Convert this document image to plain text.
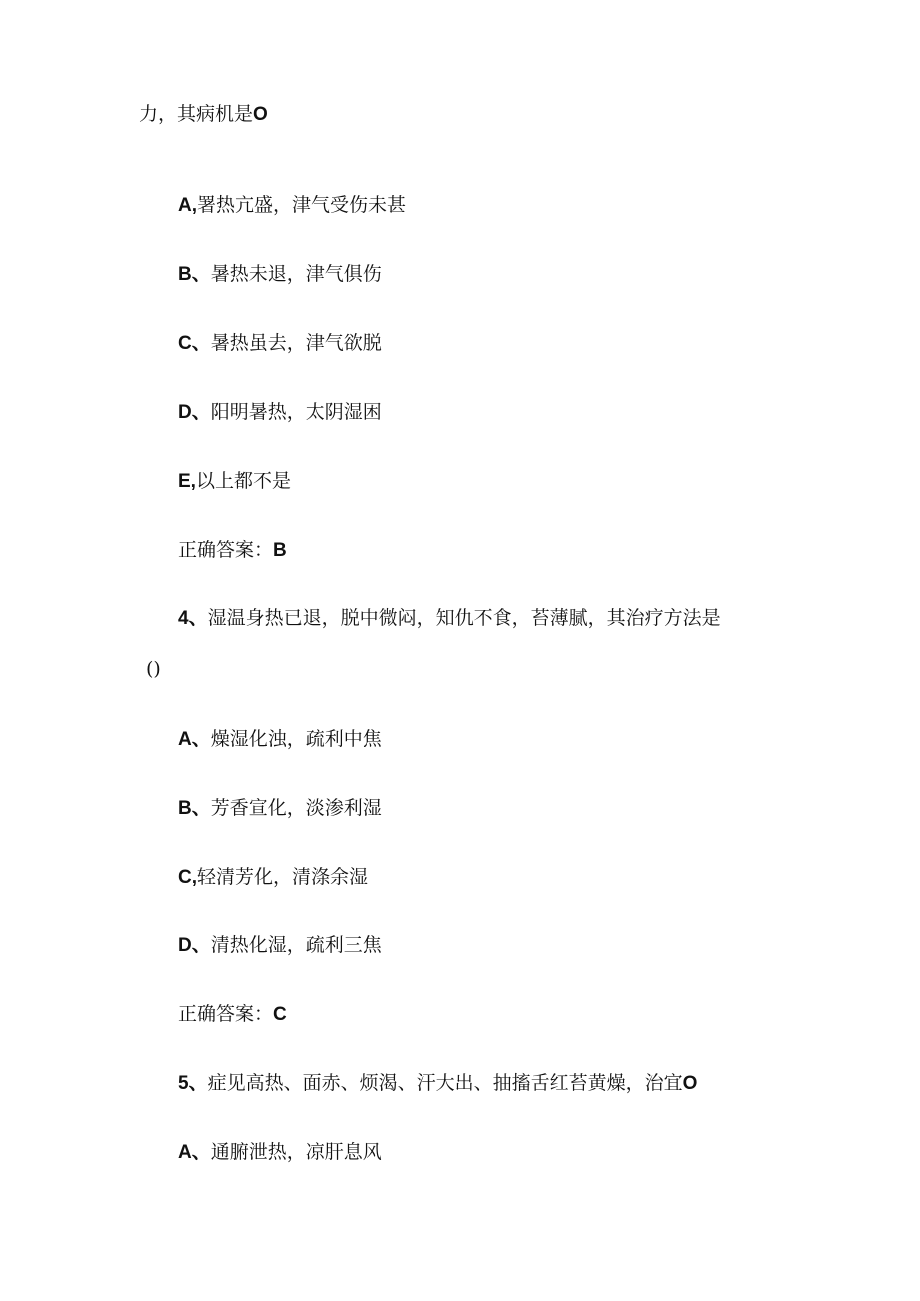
力，其病机是O
A,署热亢盛，津气受伤未甚
B、暑热未退，津气俱伤
C、暑热虽去，津气欲脱
D、阳明暑热，太阴湿困
E,以上都不是
正确答案：B
4、湿温身热已退，脱中微闷，知仇不食，苔薄腻，其治疗方法是
()
A、燥湿化浊，疏利中焦
B、芳香宣化，淡渗利湿
C,轻清芳化，清涤余湿
D、清热化湿，疏利三焦
正确答案：C
5、症见高热、面赤、烦渴、汗大出、抽搐舌红苔黄燥，治宜O
A、通腑泄热，凉肝息风
